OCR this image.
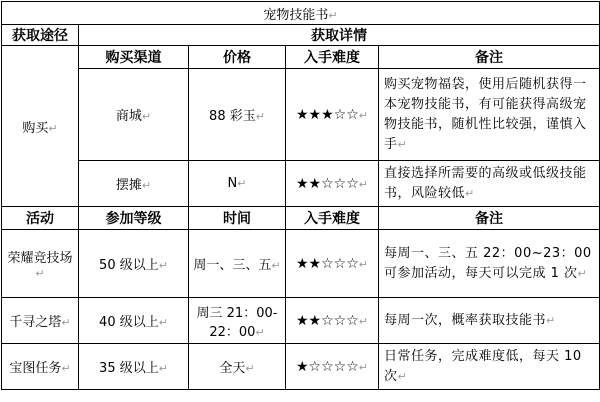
宠物技能书↵				
获取途径	获取详情			
购买↵	购买渠道	价格	入手难度	备注
	商城↵	88 彩玉↵	★★★☆☆↵	购买宠物福袋，使用后随机获得一本宠物技能书，有可能获得高级宠物技能书，随机性比较强，谨慎入手↵
	摆摊↵	N↵	★★☆☆☆↵	直接选择所需要的高级或低级技能书，风险较低↵
活动	参加等级	时间	入手难度	备注
荣耀竞技场↵	50 级以上↵	周一、三、五↵	★★☆☆☆↵	每周一、三、五 22：00~23：00 可参加活动，每天可以完成 1 次↵
千寻之塔↵	40 级以上↵	周三 21：00-22：00↵	★★☆☆☆↵	每周一次，概率获取技能书↵
宝图任务↵	35 级以上↵	全天↵	★☆☆☆☆↵	日常任务，完成难度低，每天 10 次↵
